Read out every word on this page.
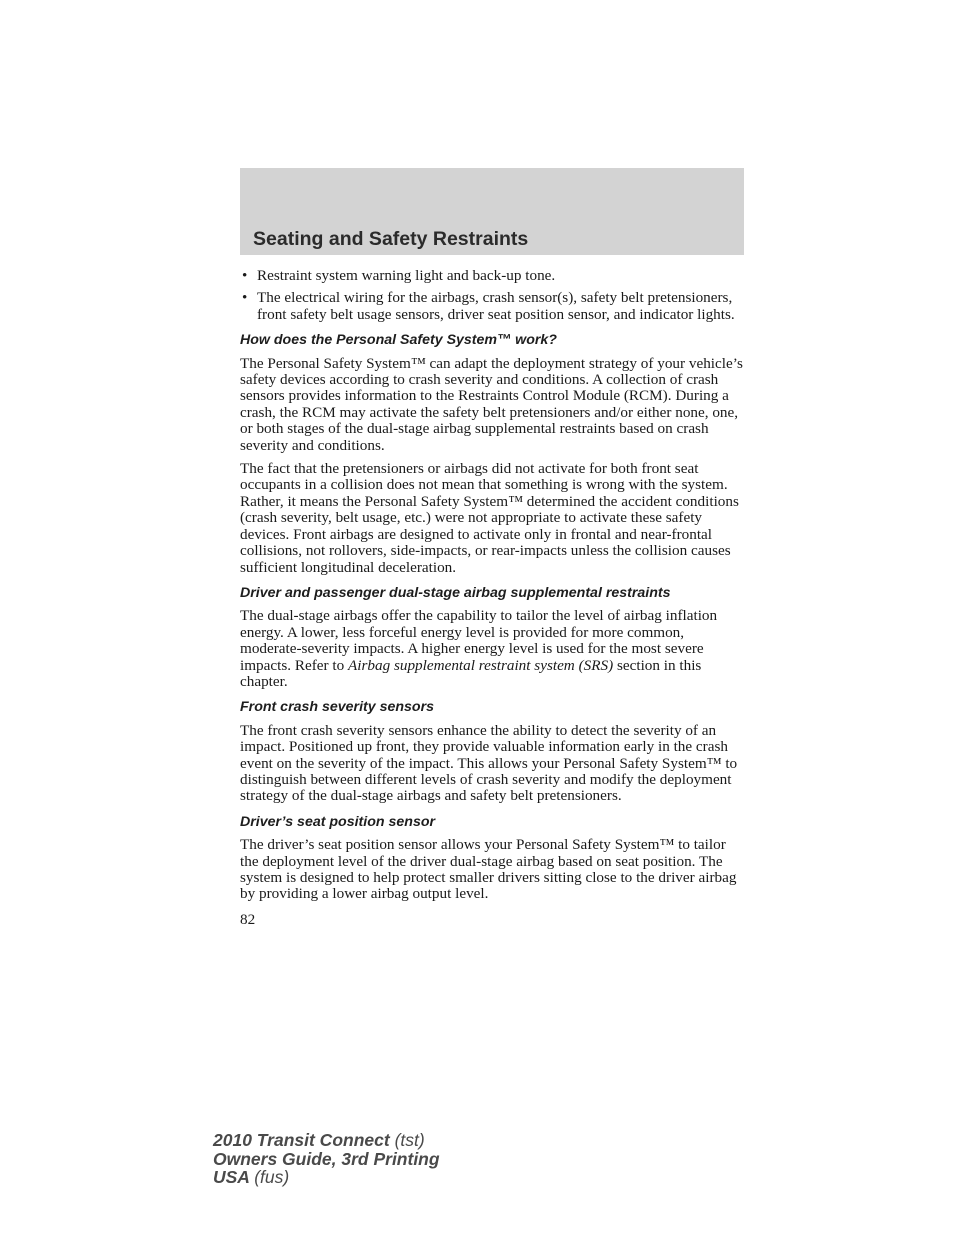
Seating and Safety Restraints
• Restraint system warning light and back-up tone.
• The electrical wiring for the airbags, crash sensor(s), safety belt pretensioners, front safety belt usage sensors, driver seat position sensor, and indicator lights.
How does the Personal Safety System™ work?

The Personal Safety System™ can adapt the deployment strategy of your vehicle’s safety devices according to crash severity and conditions. A collection of crash sensors provides information to the Restraints Control Module (RCM). During a crash, the RCM may activate the safety belt pretensioners and/or either none, one, or both stages of the dual-stage airbag supplemental restraints based on crash severity and conditions.

The fact that the pretensioners or airbags did not activate for both front seat occupants in a collision does not mean that something is wrong with the system. Rather, it means the Personal Safety System™ determined the accident conditions (crash severity, belt usage, etc.) were not appropriate to activate these safety devices. Front airbags are designed to activate only in frontal and near-frontal collisions, not rollovers, side-impacts, or rear-impacts unless the collision causes sufficient longitudinal deceleration.

Driver and passenger dual-stage airbag supplemental restraints

The dual-stage airbags offer the capability to tailor the level of airbag inflation energy. A lower, less forceful energy level is provided for more common, moderate-severity impacts. A higher energy level is used for the most severe impacts. Refer to Airbag supplemental restraint system (SRS) section in this chapter.

Front crash severity sensors

The front crash severity sensors enhance the ability to detect the severity of an impact. Positioned up front, they provide valuable information early in the crash event on the severity of the impact. This allows your Personal Safety System™ to distinguish between different levels of crash severity and modify the deployment strategy of the dual-stage airbags and safety belt pretensioners.

Driver’s seat position sensor

The driver’s seat position sensor allows your Personal Safety System™ to tailor the deployment level of the driver dual-stage airbag based on seat position. The system is designed to help protect smaller drivers sitting close to the driver airbag by providing a lower airbag output level.

82
2010 Transit Connect (tst)
Owners Guide, 3rd Printing
USA (fus)
